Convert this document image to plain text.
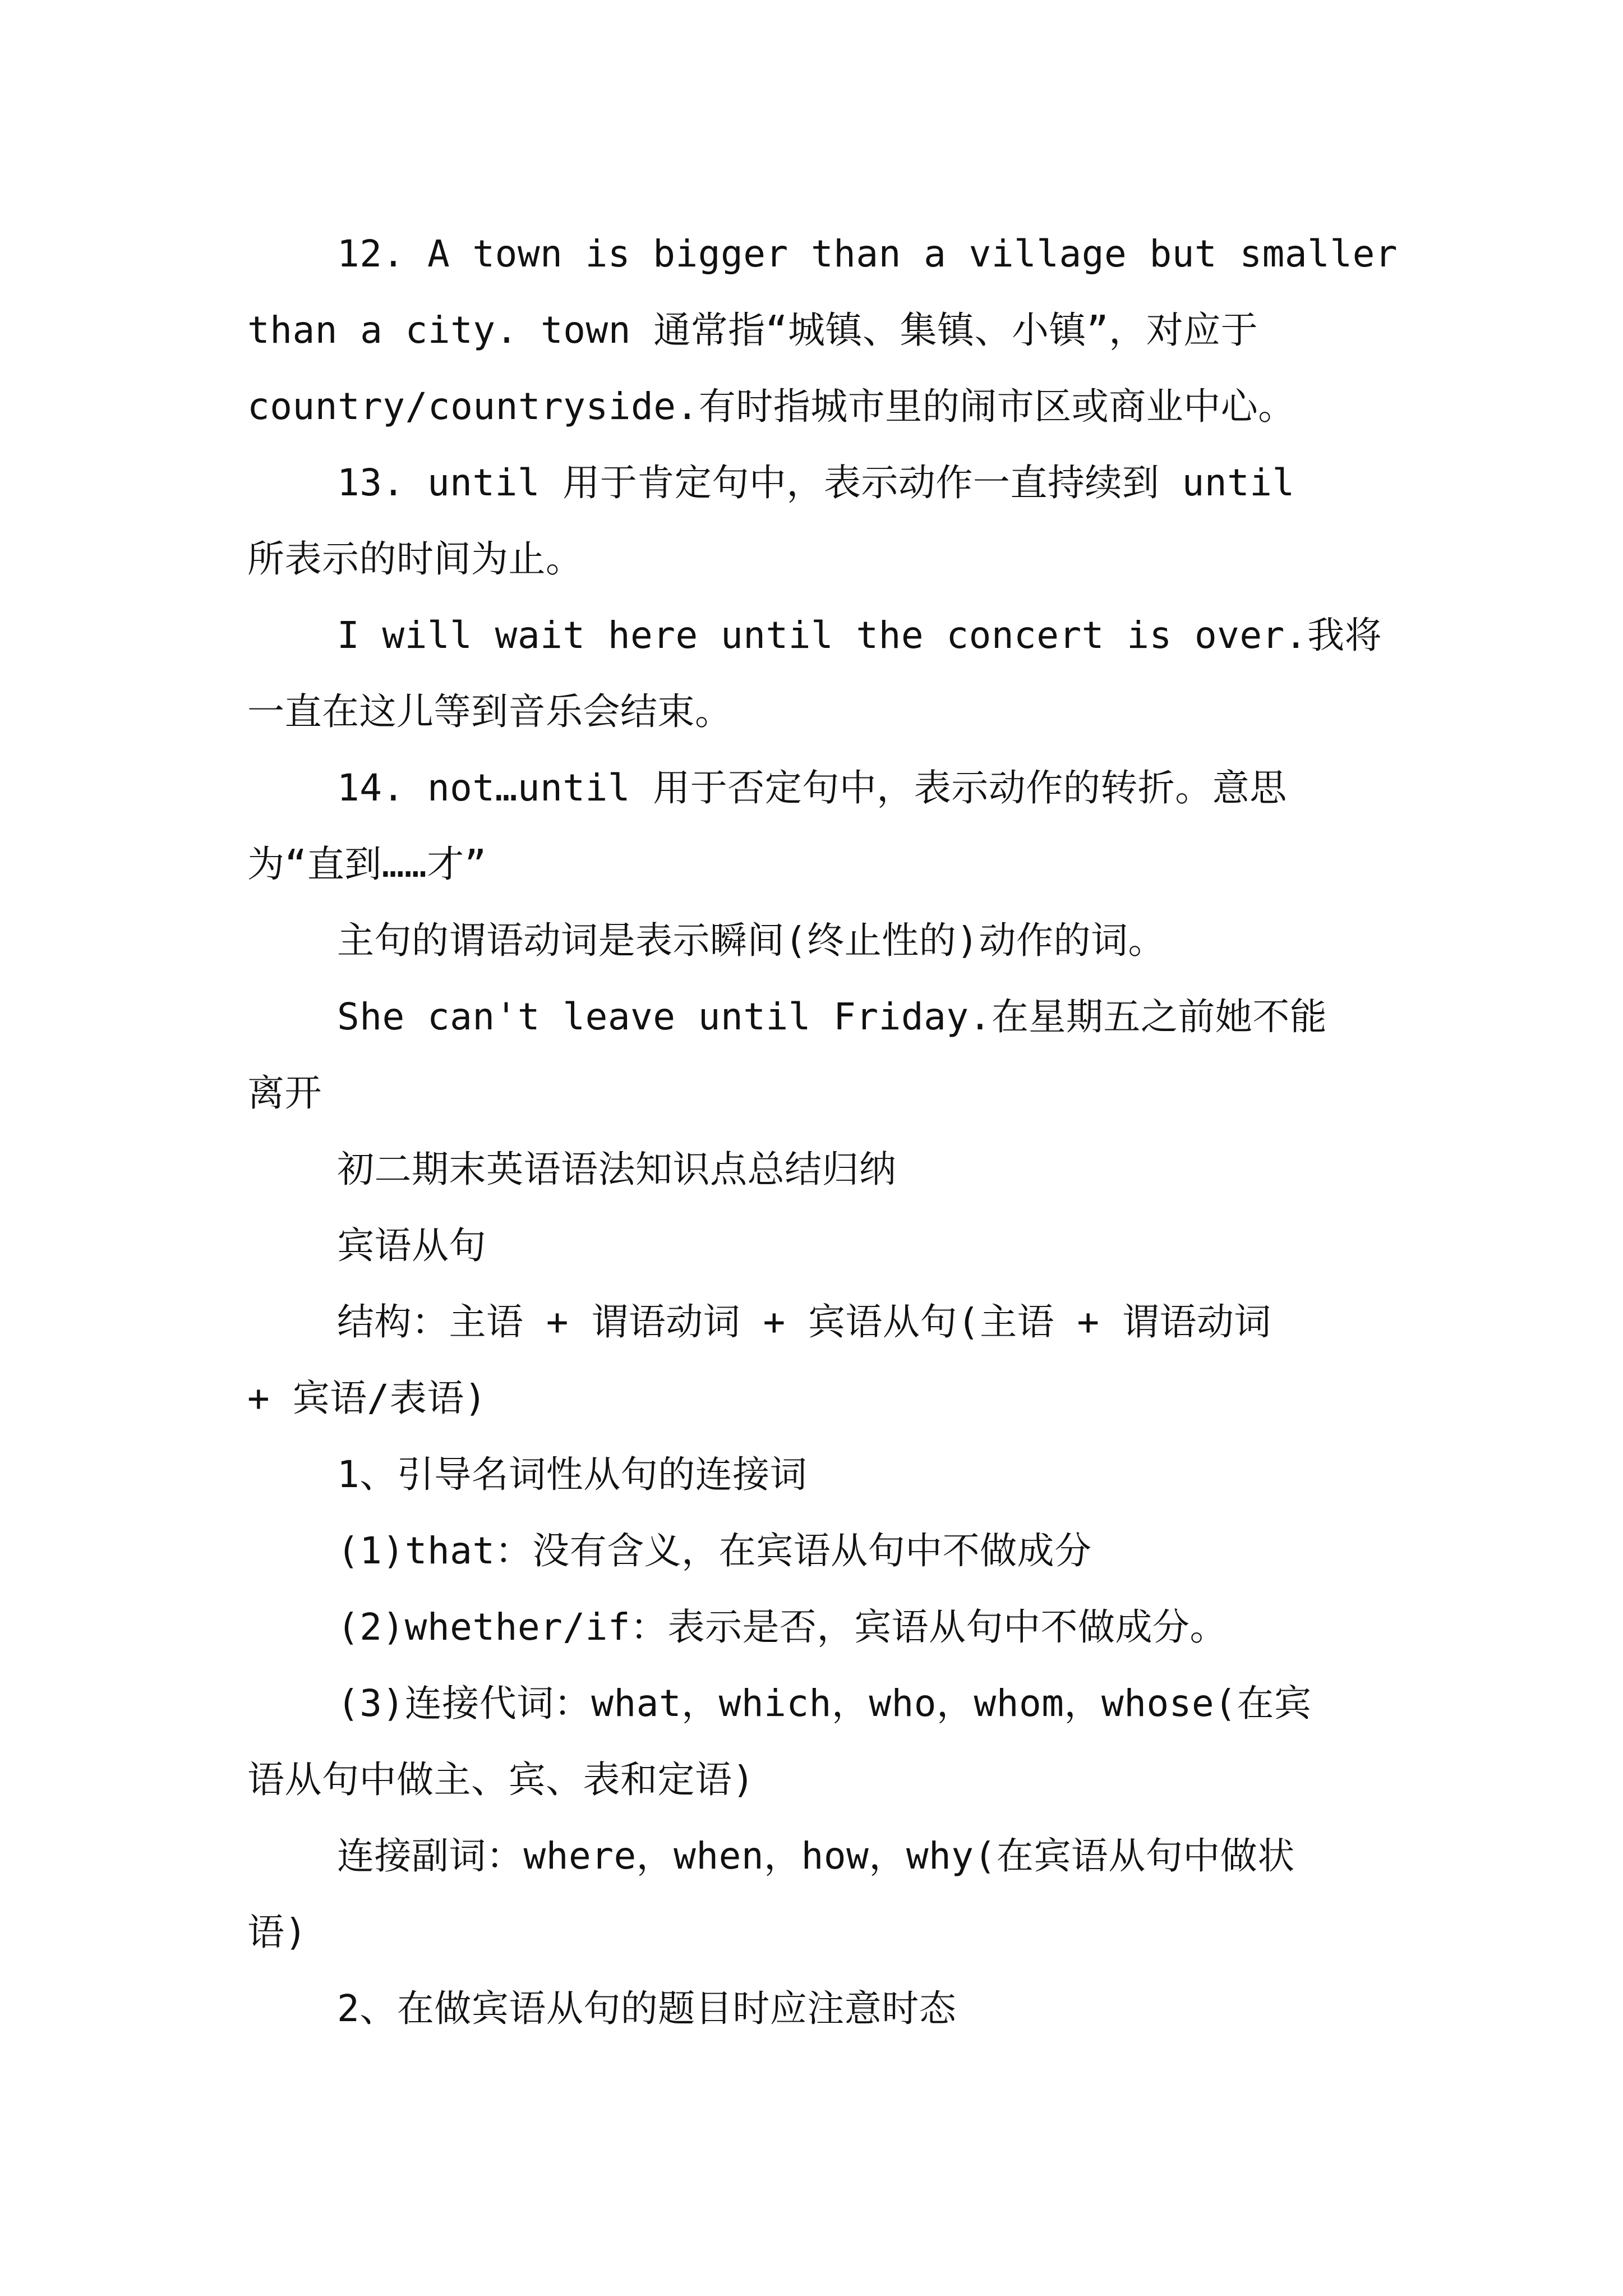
12. A town is bigger than a village but smaller
than a city. town 通常指“城镇、集镇、小镇”，对应于
country/countryside.有时指城市里的闹市区或商业中心。
13. until 用于肯定句中，表示动作一直持续到 until
所表示的时间为止。
I will wait here until the concert is over.我将
一直在这儿等到音乐会结束。
14. not…until 用于否定句中，表示动作的转折。意思
为“直到……才”
主句的谓语动词是表示瞬间(终止性的)动作的词。
She can't leave until Friday.在星期五之前她不能
离开
初二期末英语语法知识点总结归纳
宾语从句
结构：主语 + 谓语动词 + 宾语从句(主语 + 谓语动词
+ 宾语/表语)
1、引导名词性从句的连接词
(1)that：没有含义，在宾语从句中不做成分
(2)whether/if：表示是否，宾语从句中不做成分。
(3)连接代词：what，which，who，whom，whose(在宾
语从句中做主、宾、表和定语)
连接副词：where，when，how，why(在宾语从句中做状
语)
2、在做宾语从句的题目时应注意时态
